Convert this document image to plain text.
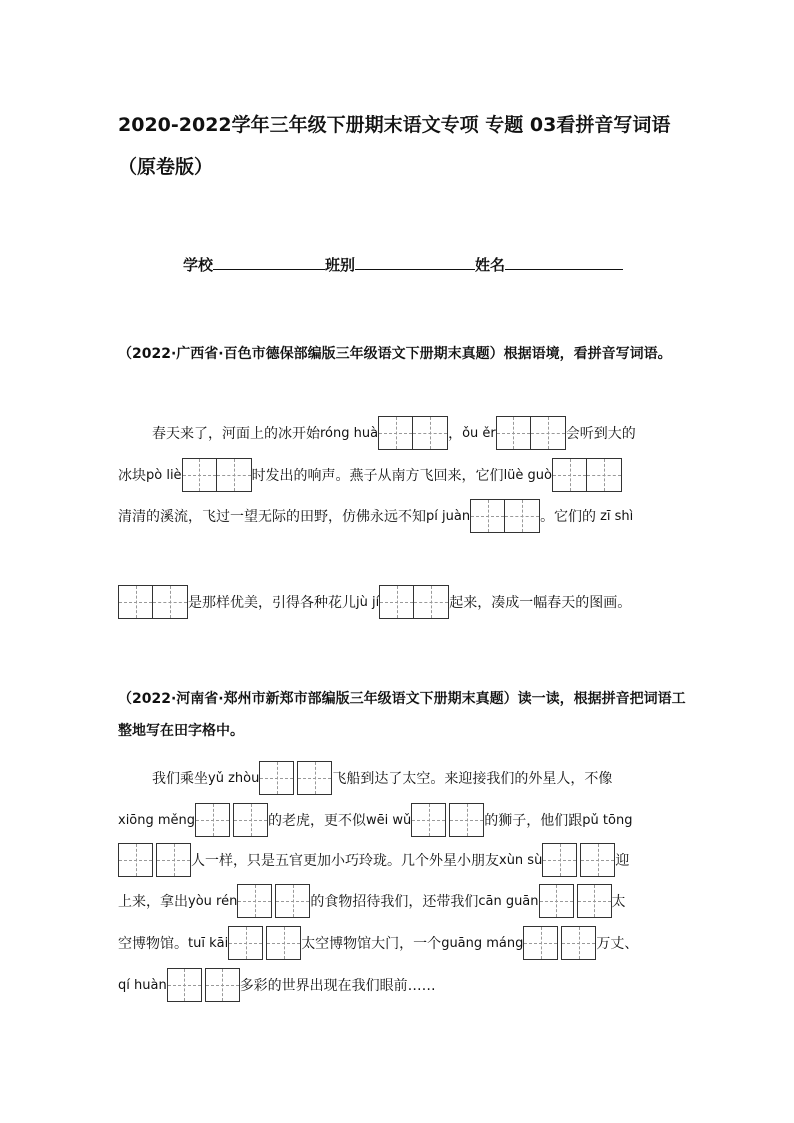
2020-2022学年三年级下册期末语文专项 专题 03看拼音写词语（原卷版）
学校	班别	姓名
（2022·广西省·百色市德保部编版三年级语文下册期末真题）根据语境，看拼音写词语。
春天来了，河面上的冰开始 róng huà	， ǒu ěr	会听到大的
冰块 pò liè	时发出的响声。燕子从南方飞回来，它们 lüè guò
清清的溪流，飞过一望无际的田野，仿佛永远不知 pí juàn	。它们的 zī shì
是那样优美，引得各种花儿 jù jí	起来，凑成一幅春天的图画。
（2022·河南省·郑州市新郑市部编版三年级语文下册期末真题）读一读，根据拼音把词语工整地写在田字格中。
我们乘坐 yǔ zhòu	飞船到达了太空。来迎接我们的外星人，不像
xiōng měng	的老虎，更不似 wēi wǔ	的狮子，他们跟 pǔ tōng
人一样，只是五官更加小巧玲珑。几个外星小朋友 xùn sù	迎
上来，拿出 yòu rén	的食物招待我们，还带我们 cān guān	太
空博物馆。 tuī kāi	太空博物馆大门，一个 guāng máng	万丈、
qí huàn	多彩的世界出现在我们眼前……
